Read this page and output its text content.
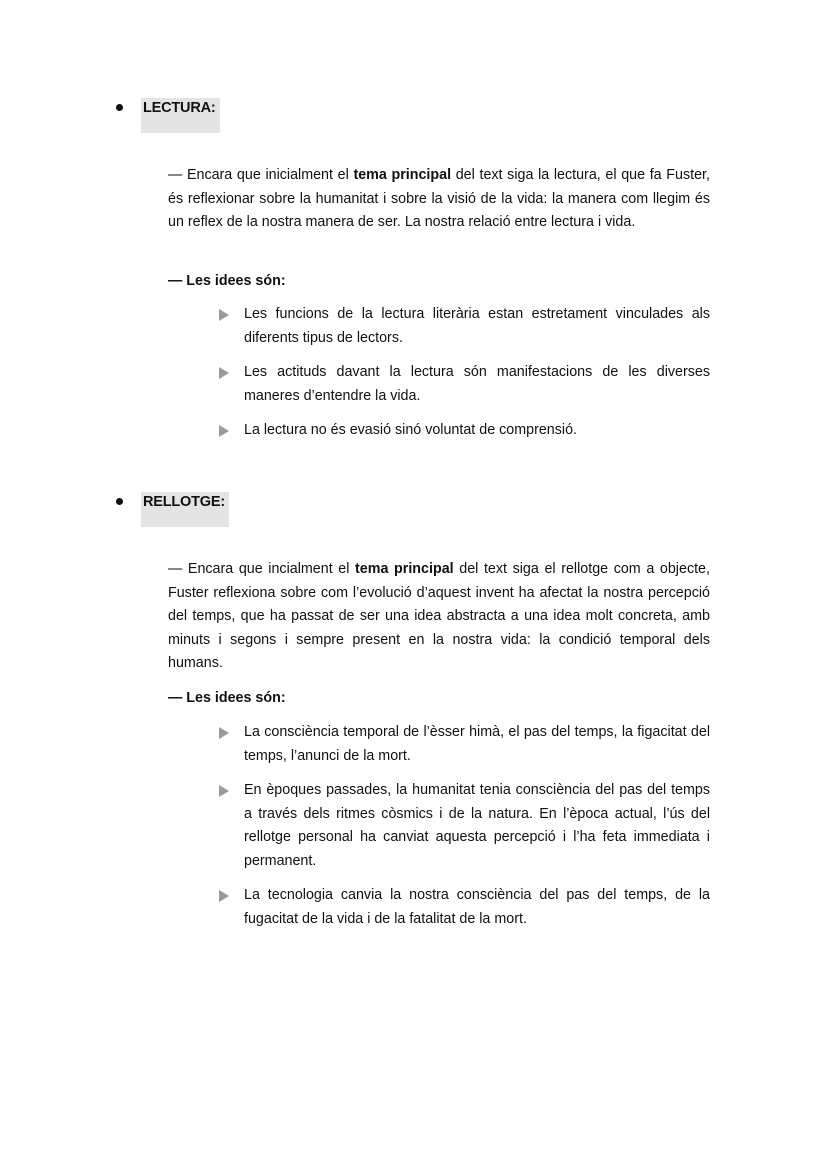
LECTURA:

— Encara que inicialment el tema principal del text siga la lectura, el que fa Fuster, és reflexionar sobre la humanitat i sobre la visió de la vida: la manera com llegim és un reflex de la nostra manera de ser. La nostra relació entre lectura i vida.

— Les idees són:

Les funcions de la lectura literària estan estretament vinculades als diferents tipus de lectors.
Les actituds davant la lectura són manifestacions de les diverses maneres d’entendre la vida.
La lectura no és evasió sinó voluntat de comprensió.
RELLOTGE:

— Encara que incialment el tema principal del text siga el rellotge com a objecte, Fuster reflexiona sobre com l’evolució d’aquest invent ha afectat la nostra percepció del temps, que ha passat de ser una idea abstracta a una idea molt concreta, amb minuts i segons i sempre present en la nostra vida: la condició temporal dels humans.

— Les idees són:

La consciència temporal de l’èsser himà, el pas del temps, la figacitat del temps, l’anunci de la mort.
En èpoques passades, la humanitat tenia consciència del pas del temps a través dels ritmes còsmics i de la natura. En l’època actual, l’ús del rellotge personal ha canviat aquesta percepció i l’ha feta immediata i permanent.
La tecnologia canvia la nostra consciència del pas del temps, de la fugacitat de la vida i de la fatalitat de la mort.
